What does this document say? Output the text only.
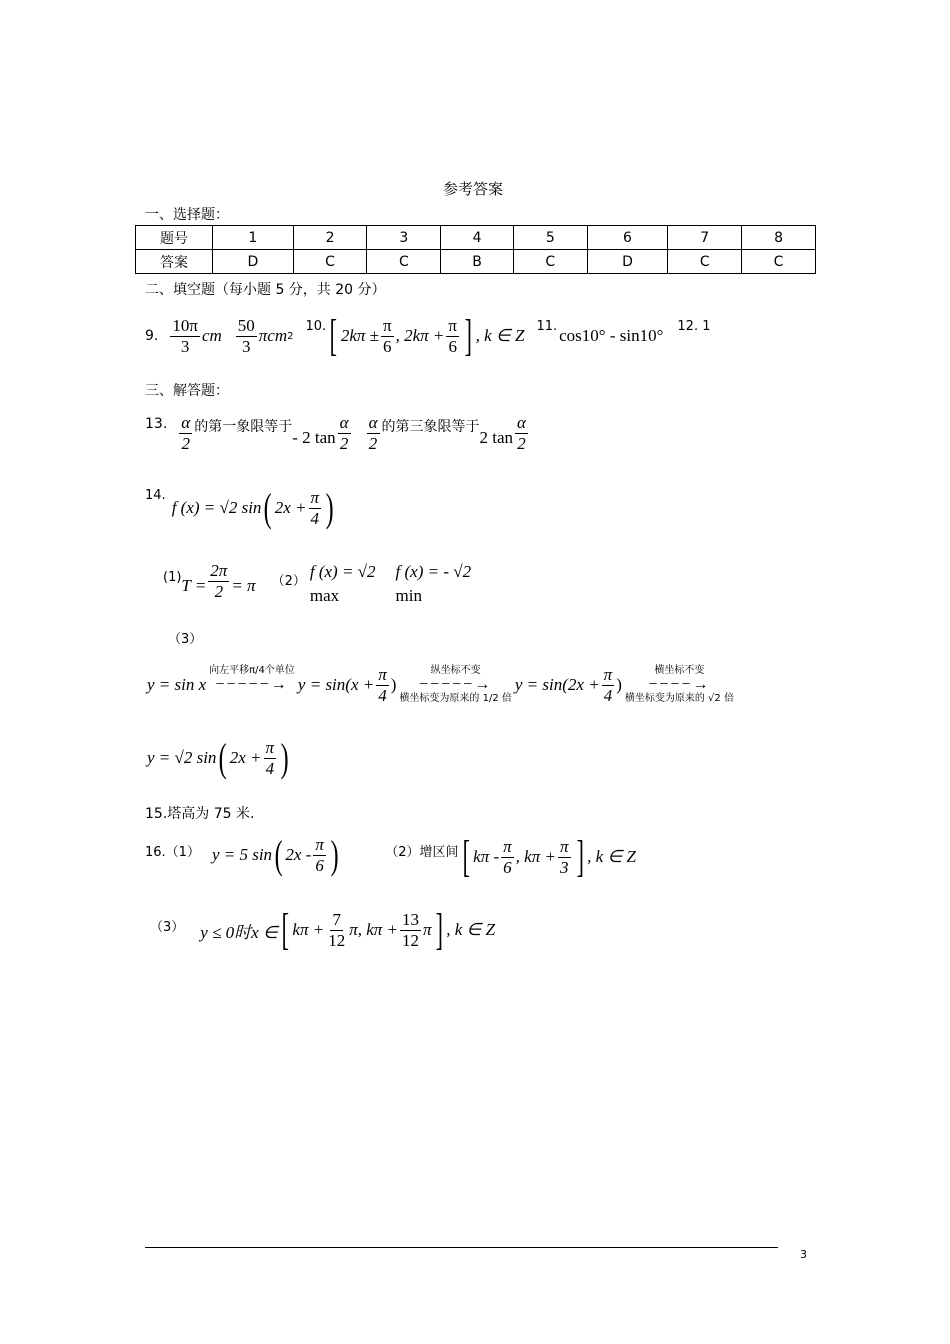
参考答案
一、选择题：
题号	1	2	3	4	5	6	7	8
答案	D	C	C	B	C	D	C	C
二、填空题（每小题 5 分，共 20 分）
9. $\frac{10\pi}{3}$ cm $\frac{50}{3}$ πcm 2
10. [ $2k\pi \pm \frac{\pi}{6}$ , $2k\pi + \frac{\pi}{6}$ ] , k ∈ Z 11. cos10° - sin10° 12. 1
三、解答题：
13. $\frac{\alpha}{2}$ 的第一象限等于
- 2 $\tan \frac{\alpha}{2} \frac{\alpha}{2}$ 的第三象限等于
2 $\tan \frac{\alpha}{2}$
14.
f (x) = √2 sin ( $2x + \frac{\pi}{4}$ )
(1) $T = \frac{2\pi}{2} = \pi$ （2）
f (x) = √2
max
f (x) = - √2
min
（3）
y = sin x
向左平移π/4个单位
−−−−−→
$y = \sin(x + \frac{\pi}{4}$ )
纵坐标不变
−−−−−→
横坐标变为原来的 1/2 倍
$y = \sin(2x + \frac{\pi}{4}$ )
横坐标不变
−−−−→
横坐标变为原来的 √2 倍
y = √2 sin ( $2x + \frac{\pi}{4}$ )
15.塔高为 75 米.
16.（1） y = 5 sin ( $2x - \frac{\pi}{6}$ )	（2）增区间 [ kπ - $\frac{\pi}{6}$ , $k\pi + \frac{\pi}{3}$ ] , k ∈ Z
（3） y ≤ 0时x ∈ [ $k\pi + \frac{7}{12} \pi$, $k\pi + \frac{13}{12}$ π ] , k ∈ Z
3
